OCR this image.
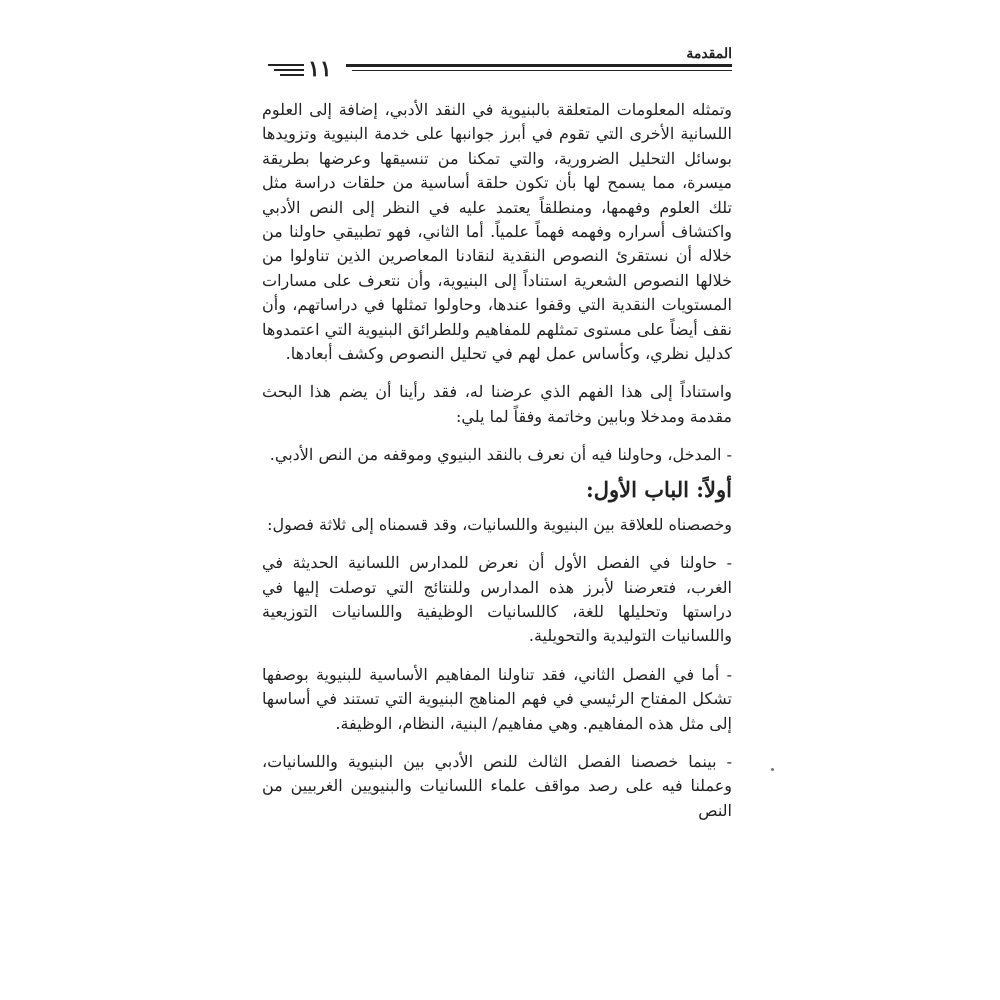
المقدمة
١١

وتمثله المعلومات المتعلقة بالبنيوية في النقد الأدبي، إضافة إلى العلوم اللسانية الأخرى التي تقوم في أبرز جوانبها على خدمة البنيوية وتزويدها بوسائل التحليل الضرورية، والتي تمكنا من تنسيقها وعرضها بطريقة ميسرة، مما يسمح لها بأن تكون حلقة أساسية من حلقات دراسة مثل تلك العلوم وفهمها، ومنطلقاً يعتمد عليه في النظر إلى النص الأدبي واكتشاف أسراره وفهمه فهماً علمياً. أما الثاني، فهو تطبيقي حاولنا من خلاله أن نستقرئ النصوص النقدية لنقادنا المعاصرين الذين تناولوا من خلالها النصوص الشعرية استناداً إلى البنيوية، وأن نتعرف على مسارات المستويات النقدية التي وقفوا عندها، وحاولوا تمثلها في دراساتهم، وأن نقف أيضاً على مستوى تمثلهم للمفاهيم وللطرائق البنيوية التي اعتمدوها كدليل نظري، وكأساس عمل لهم في تحليل النصوص وكشف أبعادها.

واستناداً إلى هذا الفهم الذي عرضنا له، فقد رأينا أن يضم هذا البحث مقدمة ومدخلا وبابين وخاتمة وفقاً لما يلي:

- المدخل، وحاولنا فيه أن نعرف بالنقد البنيوي وموقفه من النص الأدبي.

أولاً: الباب الأول:

وخصصناه للعلاقة بين البنيوية واللسانيات، وقد قسمناه إلى ثلاثة فصول:

- حاولنا في الفصل الأول أن نعرض للمدارس اللسانية الحديثة في الغرب، فتعرضنا لأبرز هذه المدارس وللنتائج التي توصلت إليها في دراستها وتحليلها للغة، كاللسانيات الوظيفية واللسانيات التوزيعية واللسانيات التوليدية والتحويلية.

- أما في الفصل الثاني، فقد تناولنا المفاهيم الأساسية للبنيوية بوصفها تشكل المفتاح الرئيسي في فهم المناهج البنيوية التي تستند في أساسها إلى مثل هذه المفاهيم. وهي مفاهيم/ البنية، النظام، الوظيفة.

- بينما خصصنا الفصل الثالث للنص الأدبي بين البنيوية واللسانيات، وعملنا فيه على رصد مواقف علماء اللسانيات والبنيويين الغربيين من النص
